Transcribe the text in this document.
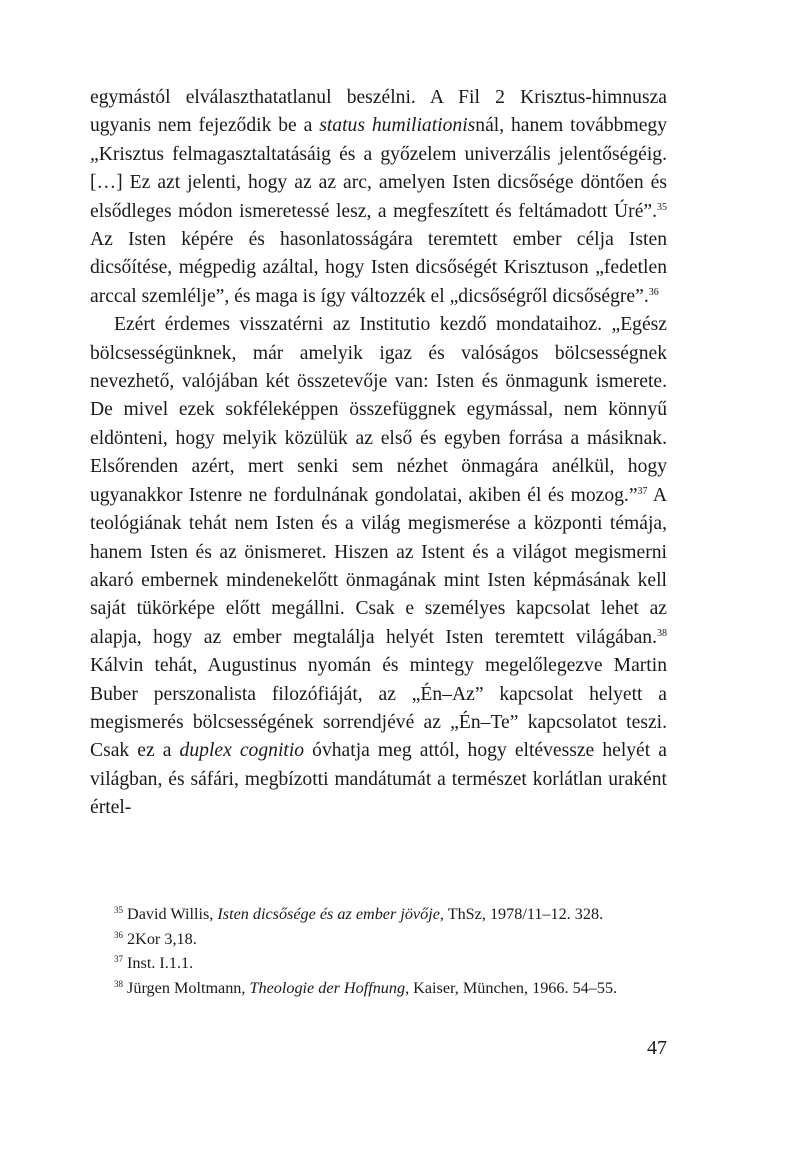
egymástól elválaszthatatlanul beszélni. A Fil 2 Krisztus-himnusza ugyanis nem fejeződik be a status humiliationisnál, hanem továbbmegy „Krisztus felmagasztaltatásáig és a győzelem univerzális jelentőségéig. […] Ez azt jelenti, hogy az az arc, amelyen Isten dicsősége döntően és elsődleges módon ismeretessé lesz, a megfeszített és feltámadott Úré”.$^{35}$ Az Isten képére és hasonlatosságára teremtett ember célja Isten dicsőítése, mégpedig azáltal, hogy Isten dicsőségét Krisztuson „fedetlen arccal szemlélje”, és maga is így változzék el „dicsőségről dicsőségre”.$^{36}$

Ezért érdemes visszatérni az Institutio kezdő mondataihoz. „Egész bölcsességünknek, már amelyik igaz és valóságos bölcsességnek nevezhető, valójában két összetevője van: Isten és önmagunk ismerete. De mivel ezek sokféleképpen összefüggnek egymással, nem könnyű eldönteni, hogy melyik közülük az első és egyben forrása a másiknak. Elsőrenden azért, mert senki sem nézhet önmagára anélkül, hogy ugyanakkor Istenre ne fordulnának gondolatai, akiben él és mozog.”$^{37}$ A teológiának tehát nem Isten és a világ megismerése a központi témája, hanem Isten és az önismeret. Hiszen az Istent és a világot megismerni akaró embernek mindenekelőtt önmagának mint Isten képmásának kell saját tükörképe előtt megállni. Csak e személyes kapcsolat lehet az alapja, hogy az ember megtalálja helyét Isten teremtett világában.$^{38}$ Kálvin tehát, Augustinus nyomán és mintegy megelőlegezve Martin Buber perszonalista filozófiáját, az „Én–Az” kapcsolat helyett a megismerés bölcsességének sorrendjévé az „Én–Te” kapcsolatot teszi. Csak ez a duplex cognitio óvhatja meg attól, hogy eltévessze helyét a világban, és sáfári, megbízotti mandátumát a természet korlátlan uraként értel-

$^{35}$ David Willis, Isten dicsősége és az ember jövője, ThSz, 1978/11–12. 328.

$^{36}$ 2Kor 3,18.

$^{37}$ Inst. I.1.1.

$^{38}$ Jürgen Moltmann, Theologie der Hoffnung, Kaiser, München, 1966. 54–55.

47
